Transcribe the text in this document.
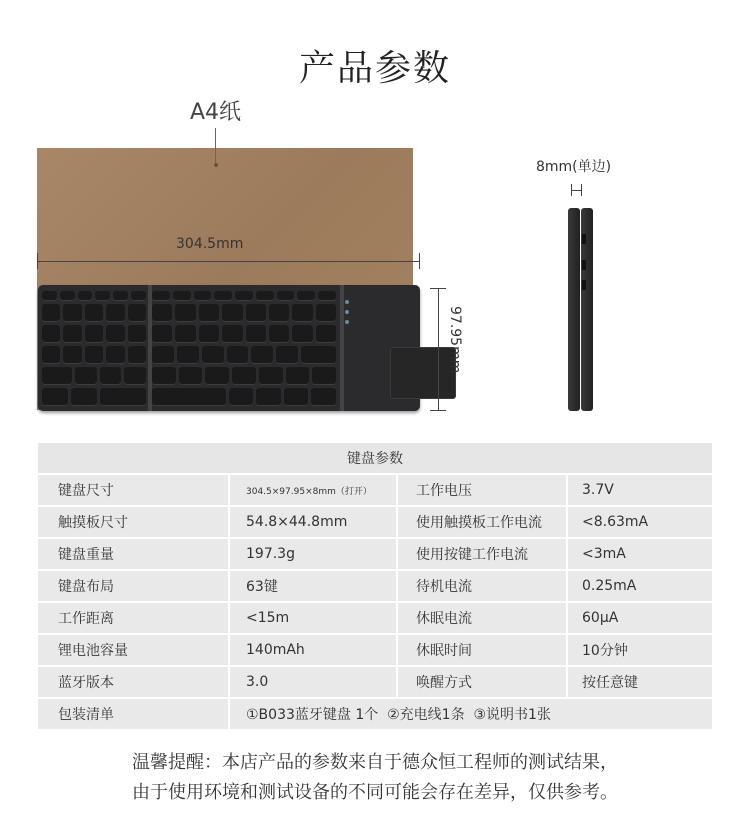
产品参数
A4纸
304.5mm
97.95mm
8mm(单边)
键盘参数			
键盘尺寸	304.5×97.95×8mm（打开）	工作电压	3.7V
触摸板尺寸	54.8×44.8mm	使用触摸板工作电流	<8.63mA
键盘重量	197.3g	使用按键工作电流	<3mA
键盘布局	63键	待机电流	0.25mA
工作距离	<15m	休眠电流	60μA
锂电池容量	140mAh	休眠时间	10分钟
蓝牙版本	3.0	唤醒方式	按任意键
包装清单	①B033蓝牙键盘 1个  ②充电线1条  ③说明书1张		
温馨提醒：本店产品的参数来自于德众恒工程师的测试结果，
由于使用环境和测试设备的不同可能会存在差异，仅供参考。
